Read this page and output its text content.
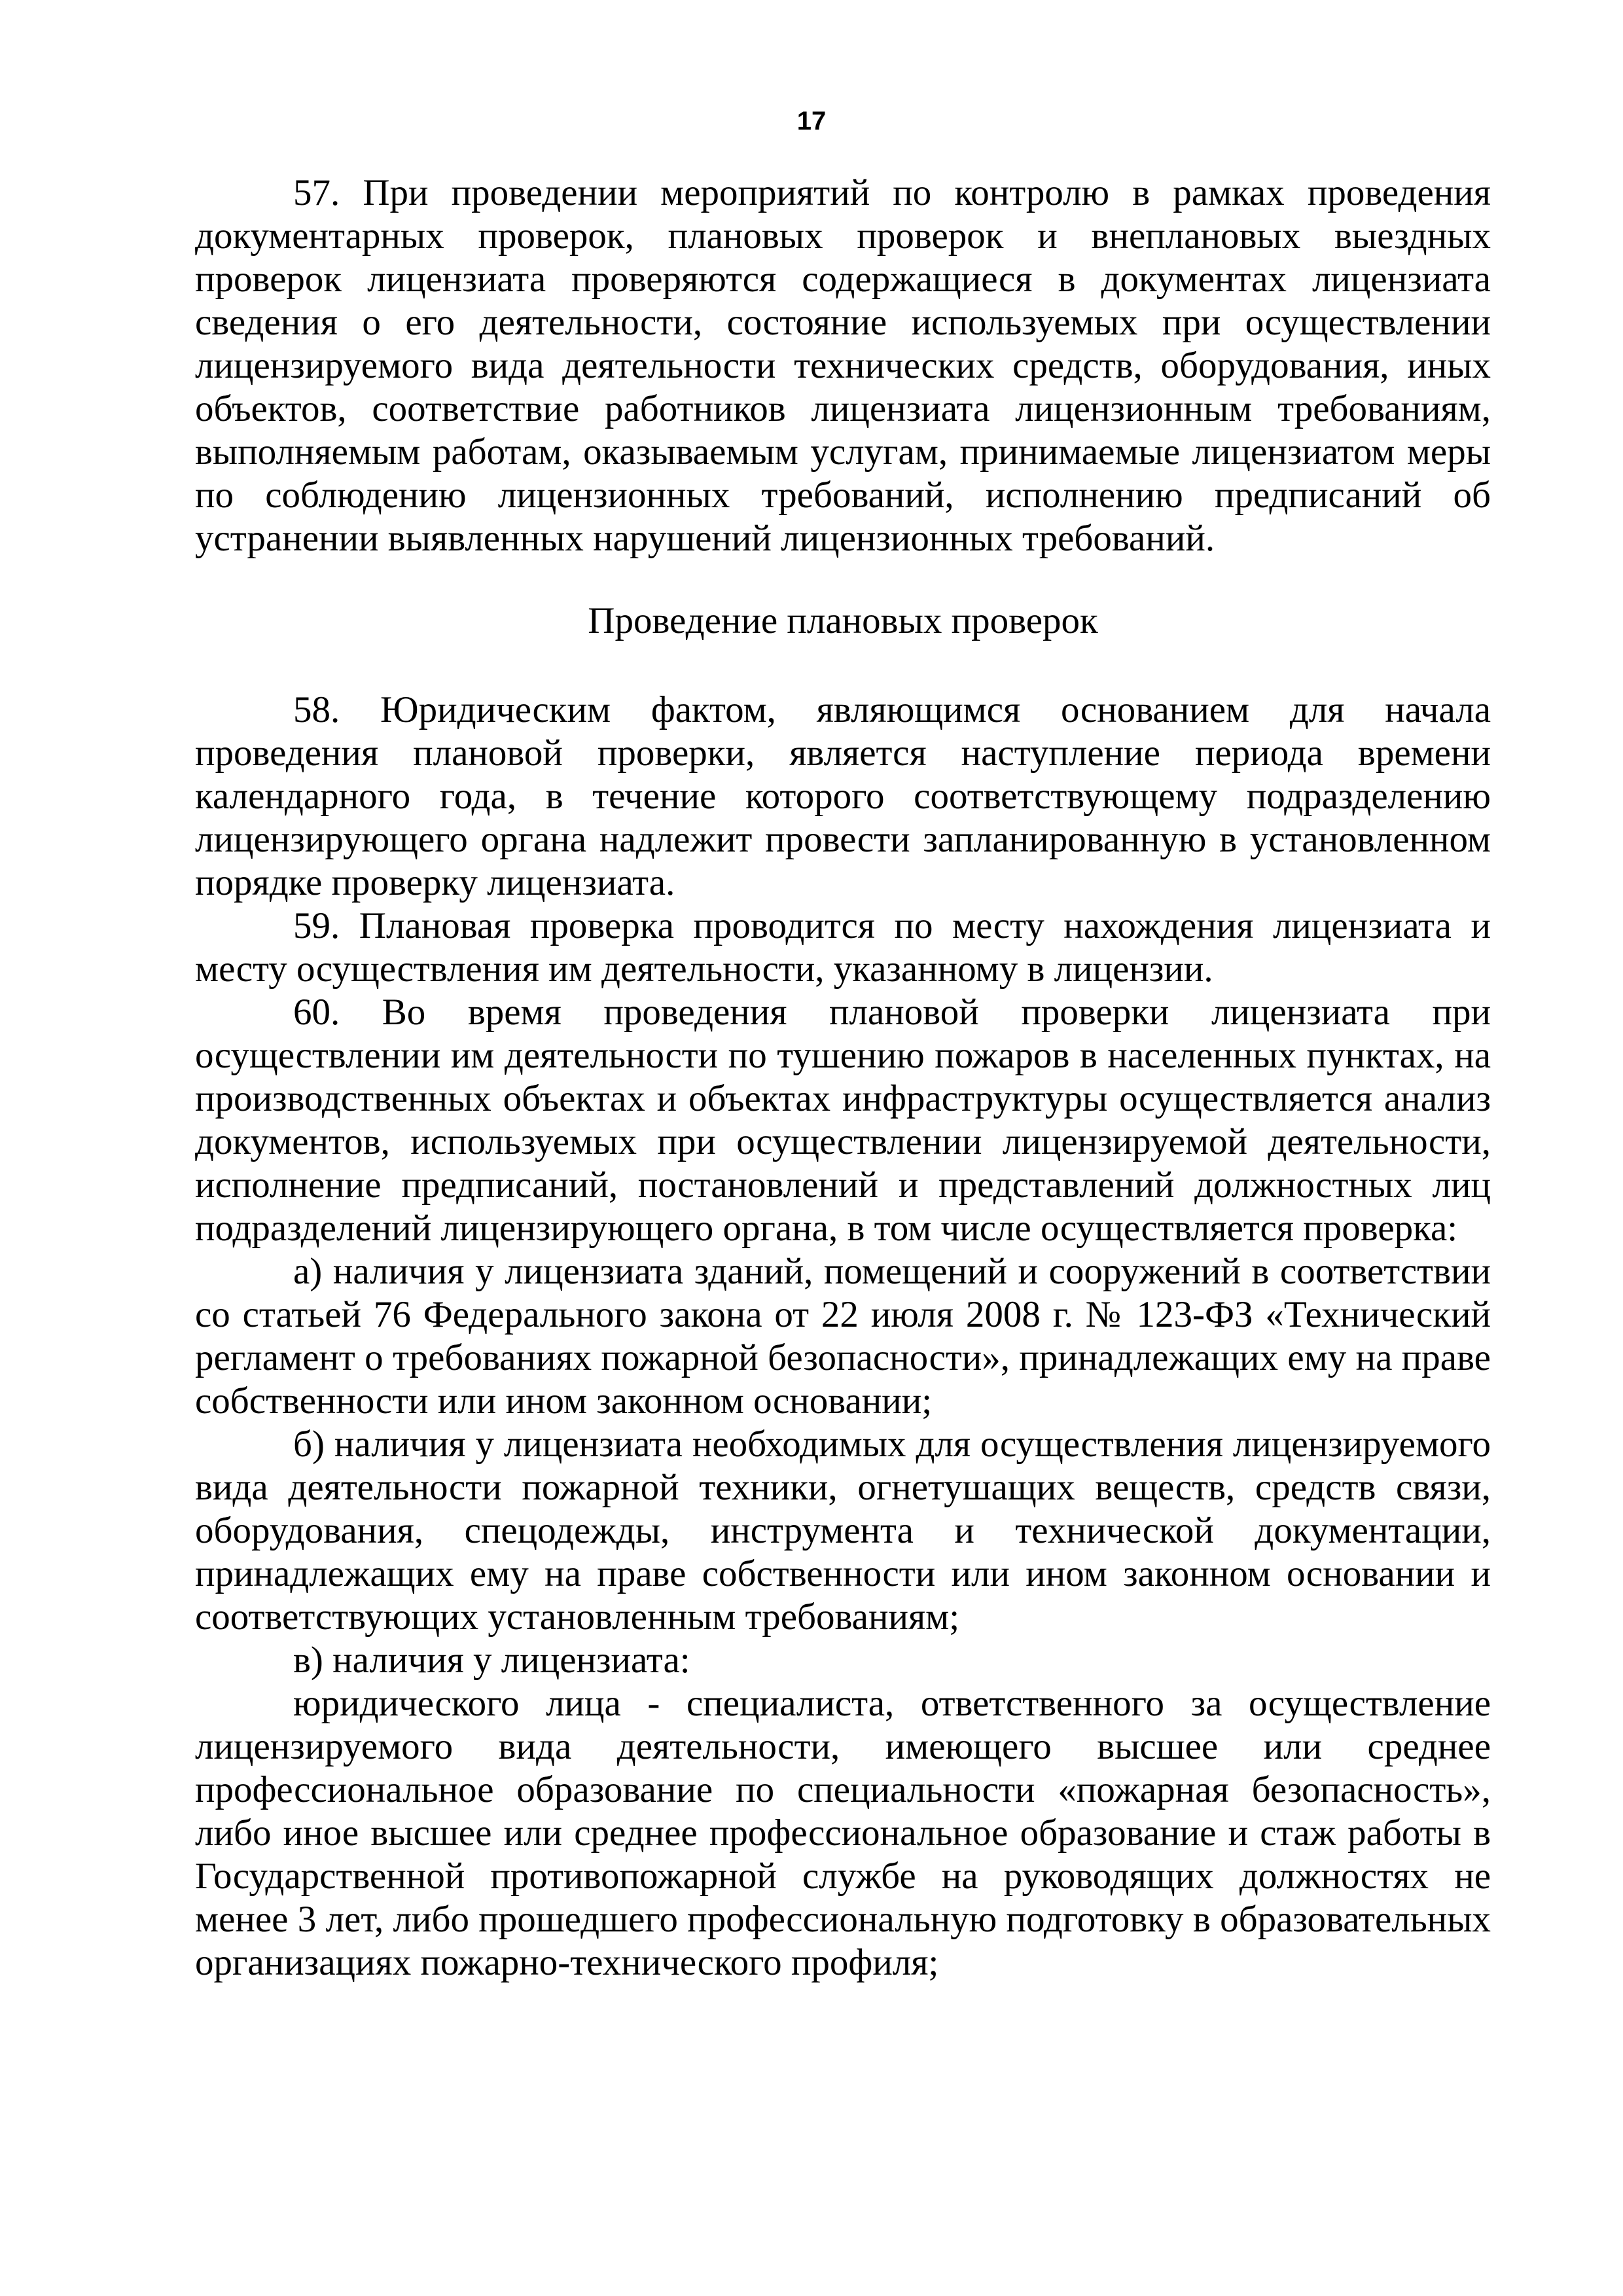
17

57. При проведении мероприятий по контролю в рамках проведения документарных проверок, плановых проверок и внеплановых выездных проверок лицензиата проверяются содержащиеся в документах лицензиата сведения о его деятельности, состояние используемых при осуществлении лицензируемого вида деятельности технических средств, оборудования, иных объектов, соответствие работников лицензиата лицензионным требованиям, выполняемым работам, оказываемым услугам, принимаемые лицензиатом меры по соблюдению лицензионных требований, исполнению предписаний об устранении выявленных нарушений лицензионных требований.

Проведение плановых проверок

58. Юридическим фактом, являющимся основанием для начала проведения плановой проверки, является наступление периода времени календарного года, в течение которого соответствующему подразделению лицензирующего органа надлежит провести запланированную в установленном порядке проверку лицензиата.

59. Плановая проверка проводится по месту нахождения лицензиата и месту осуществления им деятельности, указанному в лицензии.

60. Во время проведения плановой проверки лицензиата при осуществлении им деятельности по тушению пожаров в населенных пунктах, на производственных объектах и объектах инфраструктуры осуществляется анализ документов, используемых при осуществлении лицензируемой деятельности, исполнение предписаний, постановлений и представлений должностных лиц подразделений лицензирующего органа, в том числе осуществляется проверка:

а) наличия у лицензиата зданий, помещений и сооружений в соответствии со статьей 76 Федерального закона от 22 июля 2008 г. № 123-ФЗ «Технический регламент о требованиях пожарной безопасности», принадлежащих ему на праве собственности или ином законном основании;

б) наличия у лицензиата необходимых для осуществления лицензируемого вида деятельности пожарной техники, огнетушащих веществ, средств связи, оборудования, спецодежды, инструмента и технической документации, принадлежащих ему на праве собственности или ином законном основании и соответствующих установленным требованиям;

в) наличия у лицензиата:

юридического лица - специалиста, ответственного за осуществление лицензируемого вида деятельности, имеющего высшее или среднее профессиональное образование по специальности «пожарная безопасность», либо иное высшее или среднее профессиональное образование и стаж работы в Государственной противопожарной службе на руководящих должностях не менее 3 лет, либо прошедшего профессиональную подготовку в образовательных организациях пожарно-технического профиля;
